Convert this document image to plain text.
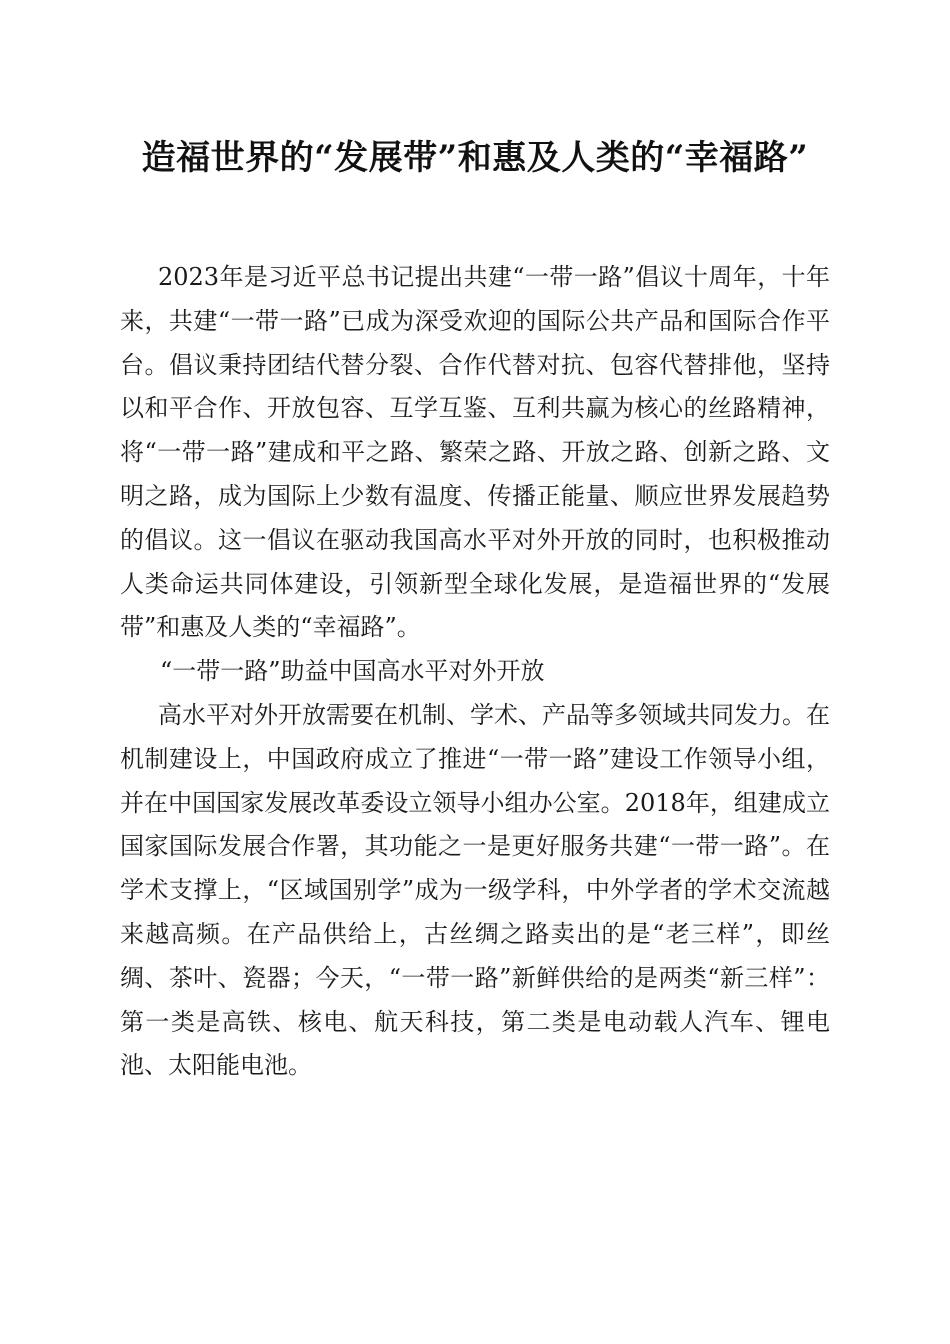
造福世界的“发展带”和惠及人类的“幸福路”

2023年是习近平总书记提出共建“一带一路”倡议十周年，十年来，共建“一带一路”已成为深受欢迎的国际公共产品和国际合作平台。倡议秉持团结代替分裂、合作代替对抗、包容代替排他，坚持以和平合作、开放包容、互学互鉴、互利共赢为核心的丝路精神，将“一带一路”建成和平之路、繁荣之路、开放之路、创新之路、文明之路，成为国际上少数有温度、传播正能量、顺应世界发展趋势的倡议。这一倡议在驱动我国高水平对外开放的同时，也积极推动人类命运共同体建设，引领新型全球化发展，是造福世界的“发展带”和惠及人类的“幸福路”。

“一带一路”助益中国高水平对外开放

高水平对外开放需要在机制、学术、产品等多领域共同发力。在机制建设上，中国政府成立了推进“一带一路”建设工作领导小组，并在中国国家发展改革委设立领导小组办公室。2018年，组建成立国家国际发展合作署，其功能之一是更好服务共建“一带一路”。在学术支撑上，“区域国别学”成为一级学科，中外学者的学术交流越来越高频。在产品供给上，古丝绸之路卖出的是“老三样”，即丝绸、茶叶、瓷器；今天，“一带一路”新鲜供给的是两类“新三样”：第一类是高铁、核电、航天科技，第二类是电动载人汽车、锂电池、太阳能电池。
